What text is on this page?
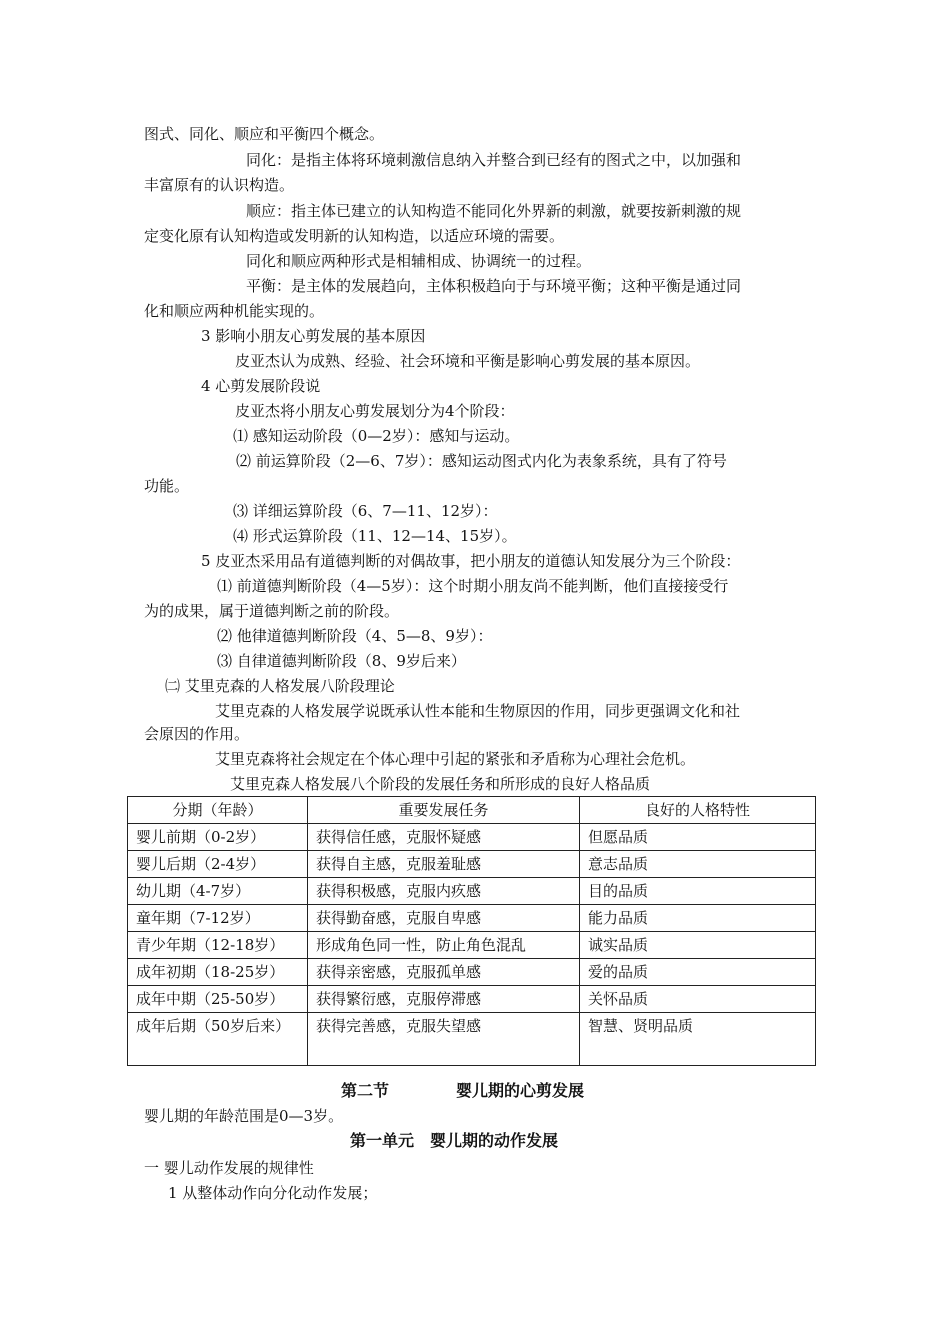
图式、同化、顺应和平衡四个概念。
同化：是指主体将环境刺激信息纳入并整合到已经有的图式之中，以加强和
丰富原有的认识构造。
顺应：指主体已建立的认知构造不能同化外界新的刺激，就要按新刺激的规
定变化原有认知构造或发明新的认知构造，以适应环境的需要。
同化和顺应两种形式是相辅相成、协调统一的过程。
平衡：是主体的发展趋向，主体积极趋向于与环境平衡；这种平衡是通过同
化和顺应两种机能实现的。
3 影响小朋友心剪发展的基本原因
皮亚杰认为成熟、经验、社会环境和平衡是影响心剪发展的基本原因。
4 心剪发展阶段说
皮亚杰将小朋友心剪发展划分为4个阶段：
⑴ 感知运动阶段（0—2岁）：感知与运动。
⑵ 前运算阶段（2—6、7岁）：感知运动图式内化为表象系统，具有了符号
功能。
⑶ 详细运算阶段（6、7—11、12岁）：
⑷ 形式运算阶段（11、12—14、15岁）。
5 皮亚杰采用品有道德判断的对偶故事，把小朋友的道德认知发展分为三个阶段：
⑴ 前道德判断阶段（4—5岁）：这个时期小朋友尚不能判断，他们直接接受行
为的成果，属于道德判断之前的阶段。
⑵ 他律道德判断阶段（4、5—8、9岁）：
⑶ 自律道德判断阶段（8、9岁后来）
㈡ 艾里克森的人格发展八阶段理论
艾里克森的人格发展学说既承认性本能和生物原因的作用，同步更强调文化和社
会原因的作用。
艾里克森将社会规定在个体心理中引起的紧张和矛盾称为心理社会危机。
艾里克森人格发展八个阶段的发展任务和所形成的良好人格品质
分期（年龄）	重要发展任务	良好的人格特性
婴儿前期（0-2岁）	获得信任感，克服怀疑感	但愿品质
婴儿后期（2-4岁）	获得自主感，克服羞耻感	意志品质
幼儿期（4-7岁）	获得积极感，克服内疚感	目的品质
童年期（7-12岁）	获得勤奋感，克服自卑感	能力品质
青少年期（12-18岁）	形成角色同一性，防止角色混乱	诚实品质
成年初期（18-25岁）	获得亲密感，克服孤单感	爱的品质
成年中期（25-50岁）	获得繁衍感，克服停滞感	关怀品质
成年后期（50岁后来）	获得完善感，克服失望感	智慧、贤明品质
第二节	婴儿期的心剪发展
婴儿期的年龄范围是0—3岁。
第一单元　婴儿期的动作发展
一 婴儿动作发展的规律性
1 从整体动作向分化动作发展；
